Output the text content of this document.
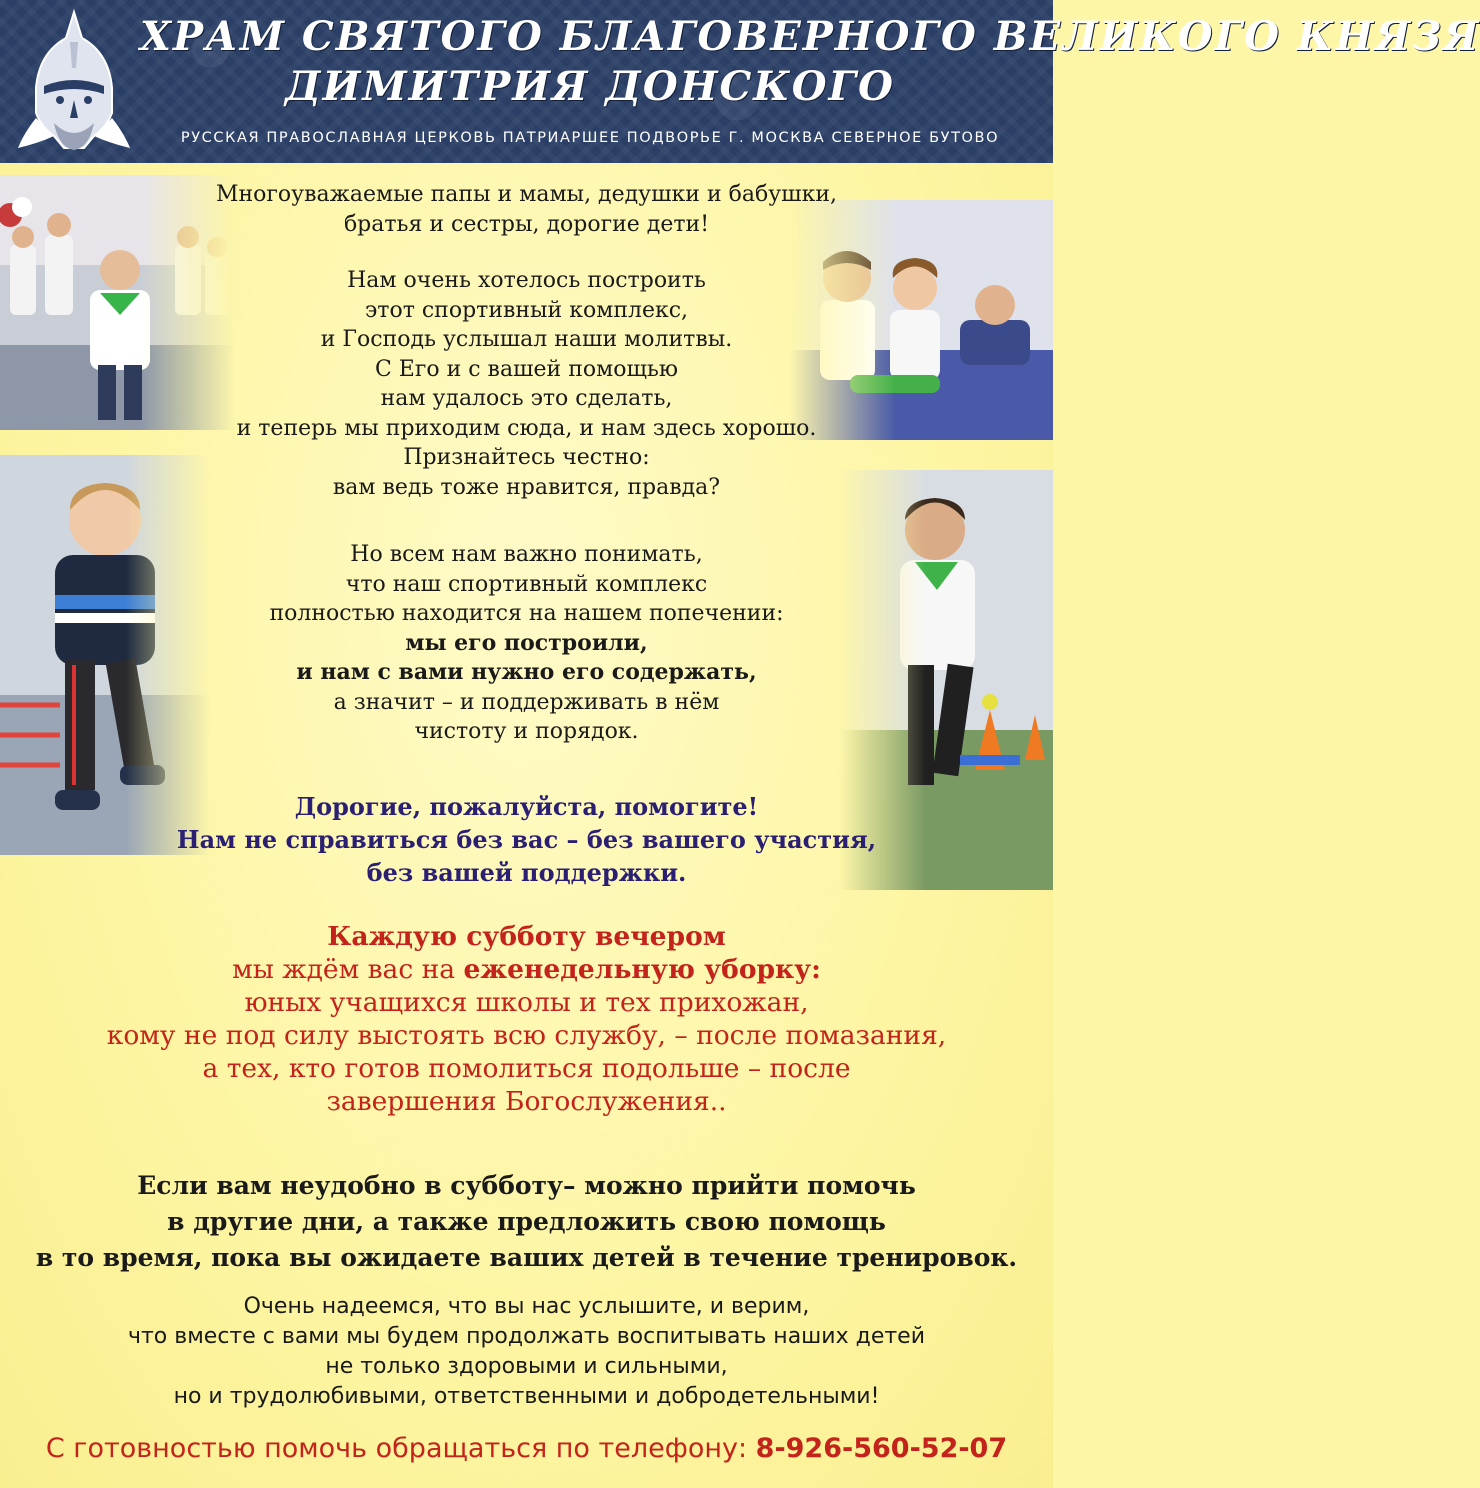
ХРАМ СВЯТОГО БЛАГОВЕРНОГО ВЕЛИКОГО КНЯЗЯ
ДИМИТРИЯ ДОНСКОГО
РУССКАЯ ПРАВОСЛАВНАЯ ЦЕРКОВЬ ПАТРИАРШЕЕ ПОДВОРЬЕ Г. МОСКВА СЕВЕРНОЕ БУТОВО
Многоуважаемые папы и мамы, дедушки и бабушки,
братья и сестры, дорогие дети!
Нам очень хотелось построить
этот спортивный комплекс,
и Господь услышал наши молитвы.
С Его и с вашей помощью
нам удалось это сделать,
и теперь мы приходим сюда, и нам здесь хорошо.
Признайтесь честно:
вам ведь тоже нравится, правда?
Но всем нам важно понимать,
что наш спортивный комплекс
полностью находится на нашем попечении:
мы его построили,
и нам с вами нужно его содержать,
а значит – и поддерживать в нём
чистоту и порядок.
Дорогие, пожалуйста, помогите!
Нам не справиться без вас – без вашего участия,
без вашей поддержки.
Каждую субботу вечером
мы ждём вас на еженедельную уборку:
юных учащихся школы и тех прихожан,
кому не под силу выстоять всю службу, – после помазания,
а тех, кто готов помолиться подольше – после
завершения Богослужения..
Если вам неудобно в субботу– можно прийти помочь
в другие дни, а также предложить свою помощь
в то время, пока вы ожидаете ваших детей в течение тренировок.
Очень надеемся, что вы нас услышите, и верим,
что вместе с вами мы будем продолжать воспитывать наших детей
не только здоровыми и сильными,
но и трудолюбивыми, ответственными и добродетельными!
С готовностью помочь обращаться по телефону: 8-926-560-52-07
